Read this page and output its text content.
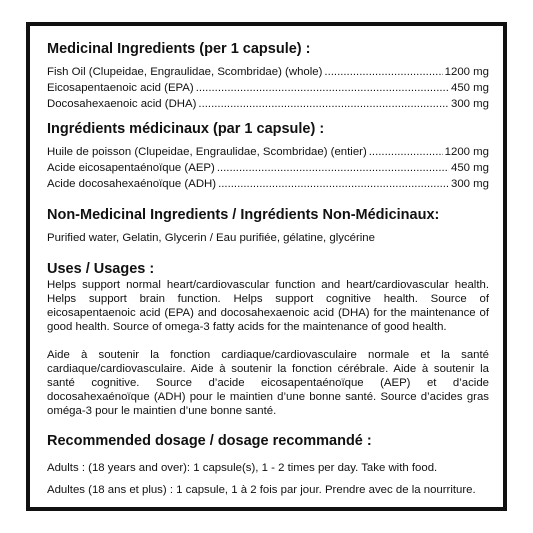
Medicinal Ingredients (per 1 capsule) :
Fish Oil (Clupeidae, Engraulidae, Scombridae) (whole) .....	1200 mg
Eicosapentaenoic acid (EPA) .....	450 mg
Docosahexaenoic acid (DHA) .....	300 mg
Ingrédients médicinaux (par 1 capsule) :
Huile de poisson (Clupeidae, Engraulidae, Scombridae) (entier) .....	1200 mg
Acide eicosapentaénoïque (AEP) .....	450 mg
Acide docosahexaénoïque (ADH) .....	300 mg
Non-Medicinal Ingredients / Ingrédients Non-Médicinaux:
Purified water, Gelatin, Glycerin / Eau purifiée, gélatine, glycérine
Uses / Usages :

Helps support normal heart/cardiovascular function and heart/cardiovascular health. Helps support brain function. Helps support cognitive health. Source of eicosapentaenoic acid (EPA) and docosahexaenoic acid (DHA) for the maintenance of good health. Source of omega-3 fatty acids for the maintenance of good health.

Aide à soutenir la fonction cardiaque/cardiovasculaire normale et la santé cardiaque/cardiovasculaire. Aide à soutenir la fonction cérébrale. Aide à soutenir la santé cognitive. Source d’acide eicosapentaénoïque (AEP) et d’acide docosahexaénoïque (ADH) pour le maintien d’une bonne santé. Source d’acides gras oméga-3 pour le maintien d’une bonne santé.

Recommended dosage / dosage recommandé :
Adults : (18 years and over): 1 capsule(s), 1 - 2 times per day. Take with food.
Adultes (18 ans et plus) : 1 capsule, 1 à 2 fois par jour. Prendre avec de la nourriture.
